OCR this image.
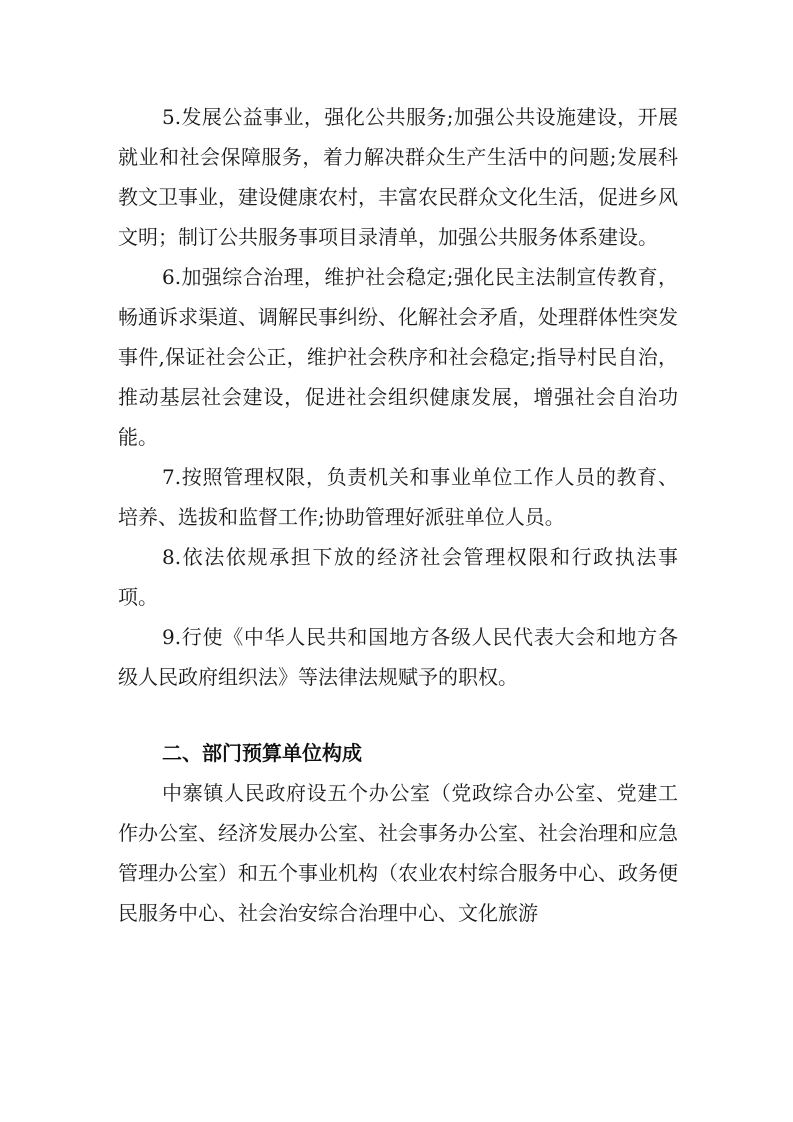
5.发展公益事业，强化公共服务;加强公共设施建设，开展就业和社会保障服务，着力解决群众生产生活中的问题;发展科教文卫事业，建设健康农村，丰富农民群众文化生活，促进乡风文明；制订公共服务事项目录清单，加强公共服务体系建设。

6.加强综合治理，维护社会稳定;强化民主法制宣传教育，畅通诉求渠道、调解民事纠纷、化解社会矛盾，处理群体性突发事件,保证社会公正，维护社会秩序和社会稳定;指导村民自治，推动基层社会建设，促进社会组织健康发展，增强社会自治功能。

7.按照管理权限，负责机关和事业单位工作人员的教育、培养、选拔和监督工作;协助管理好派驻单位人员。

8.依法依规承担下放的经济社会管理权限和行政执法事项。

9.行使《中华人民共和国地方各级人民代表大会和地方各级人民政府组织法》等法律法规赋予的职权。

二、部门预算单位构成

中寨镇人民政府设五个办公室（党政综合办公室、党建工作办公室、经济发展办公室、社会事务办公室、社会治理和应急管理办公室）和五个事业机构（农业农村综合服务中心、政务便民服务中心、社会治安综合治理中心、文化旅游
